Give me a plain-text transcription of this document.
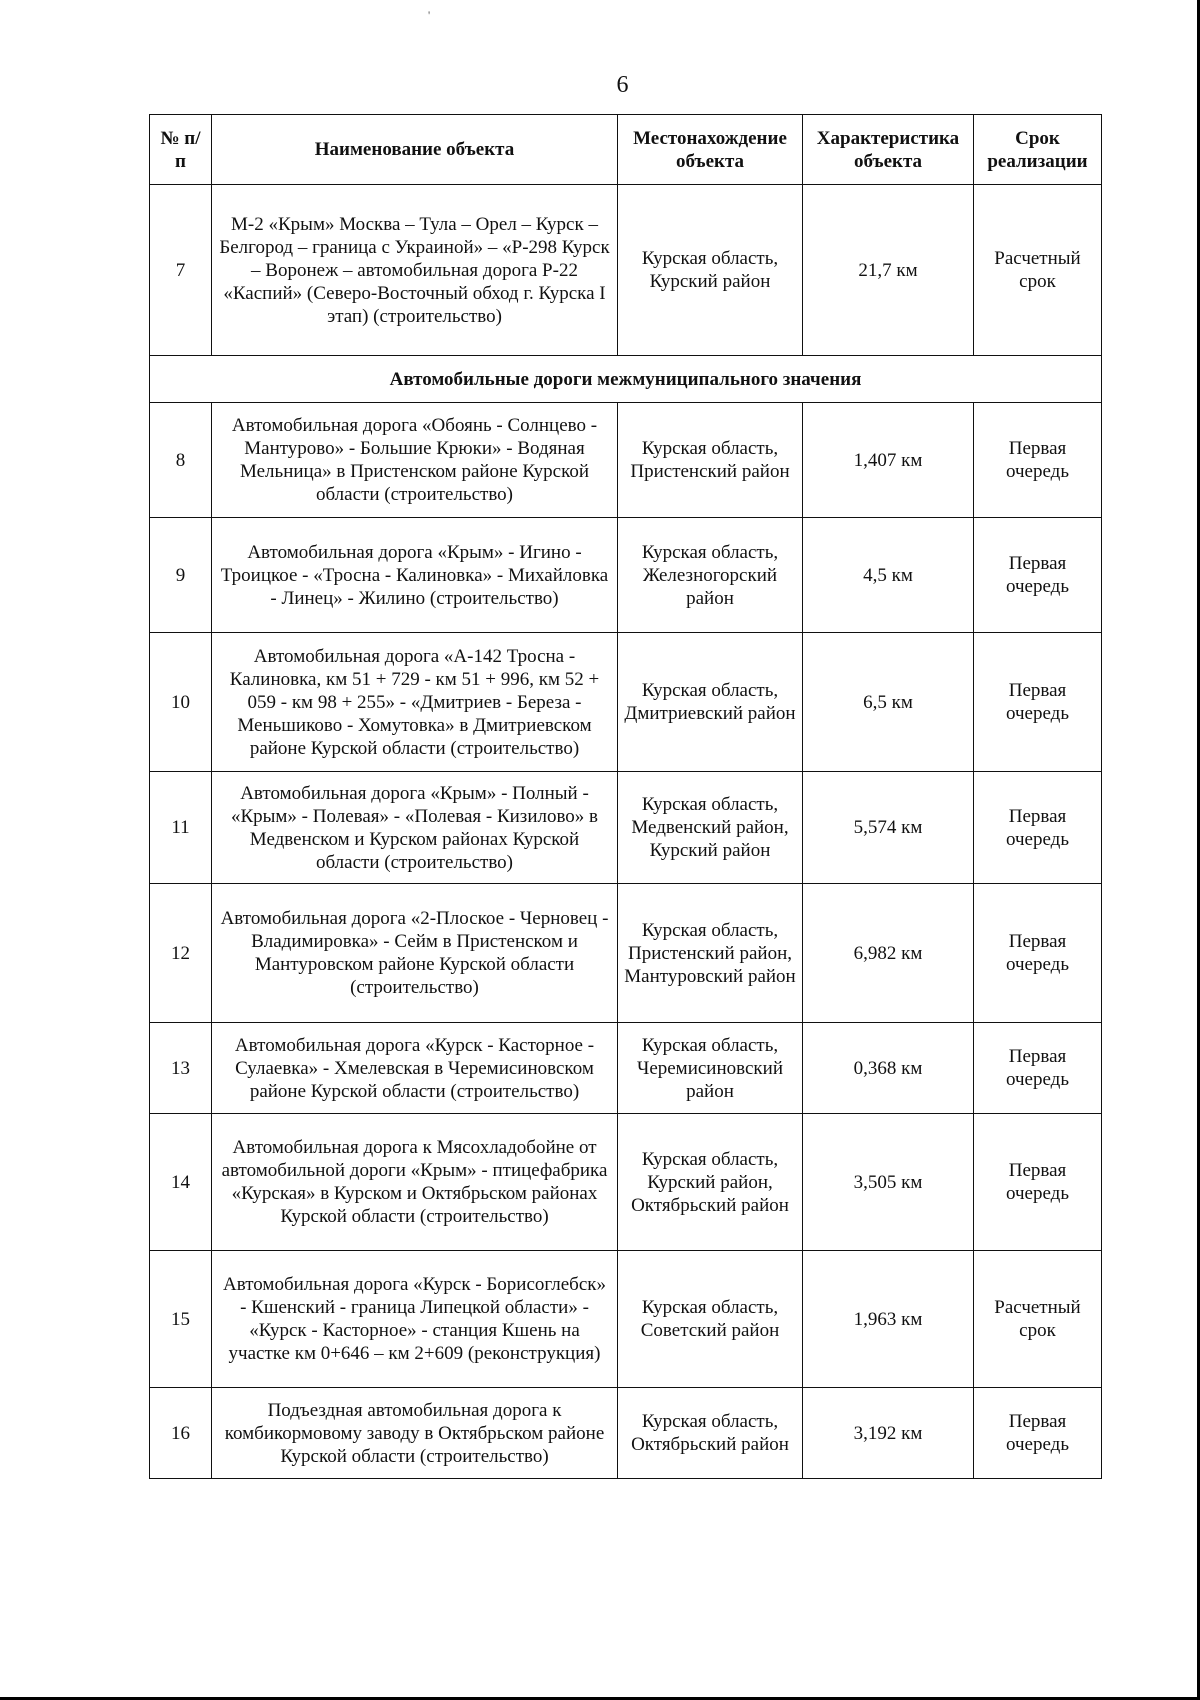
'
6
№ п/п	Наименование объекта	Местонахождение объекта	Характеристика объекта	Срок реализации
7	М-2 «Крым» Москва – Тула – Орел – Курск – Белгород – граница с Украиной» – «Р-298 Курск – Воронеж – автомобильная дорога Р-22 «Каспий» (Северо-Восточный обход г. Курска I этап) (строительство)	Курская область, Курский район	21,7 км	Расчетный срок
Автомобильные дороги межмуниципального значения				
8	Автомобильная дорога «Обоянь - Солнцево - Мантурово» - Большие Крюки» - Водяная Мельница» в Пристенском районе Курской области (строительство)	Курская область, Пристенский район	1,407 км	Первая очередь
9	Автомобильная дорога «Крым» - Игино - Троицкое - «Тросна - Калиновка» - Михайловка - Линец» - Жилино (строительство)	Курская область, Железногорский район	4,5 км	Первая очередь
10	Автомобильная дорога «А-142 Тросна - Калиновка, км 51 + 729 - км 51 + 996, км 52 + 059 - км 98 + 255» - «Дмитриев - Береза - Меньшиково - Хомутовка» в Дмитриевском районе Курской области (строительство)	Курская область, Дмитриевский район	6,5 км	Первая очередь
11	Автомобильная дорога «Крым» - Полный - «Крым» - Полевая» - «Полевая - Кизилово» в Медвенском и Курском районах Курской области (строительство)	Курская область, Медвенский район, Курский район	5,574 км	Первая очередь
12	Автомобильная дорога «2-Плоское - Черновец - Владимировка» - Сейм в Пристенском и Мантуровском районе Курской области (строительство)	Курская область, Пристенский район, Мантуровский район	6,982 км	Первая очередь
13	Автомобильная дорога «Курск - Касторное - Сулаевка» - Хмелевская в Черемисиновском районе Курской области (строительство)	Курская область, Черемисиновский район	0,368 км	Первая очередь
14	Автомобильная дорога к Мясохладобойне от автомобильной дороги «Крым» - птицефабрика «Курская» в Курском и Октябрьском районах Курской области (строительство)	Курская область, Курский район, Октябрьский район	3,505 км	Первая очередь
15	Автомобильная дорога «Курск - Борисоглебск» - Кшенский - граница Липецкой области» - «Курск - Касторное» - станция Кшень на участке км 0+646 – км 2+609 (реконструкция)	Курская область, Советский район	1,963 км	Расчетный срок
16	Подъездная автомобильная дорога к комбикормовому заводу в Октябрьском районе Курской области (строительство)	Курская область, Октябрьский район	3,192 км	Первая очередь
